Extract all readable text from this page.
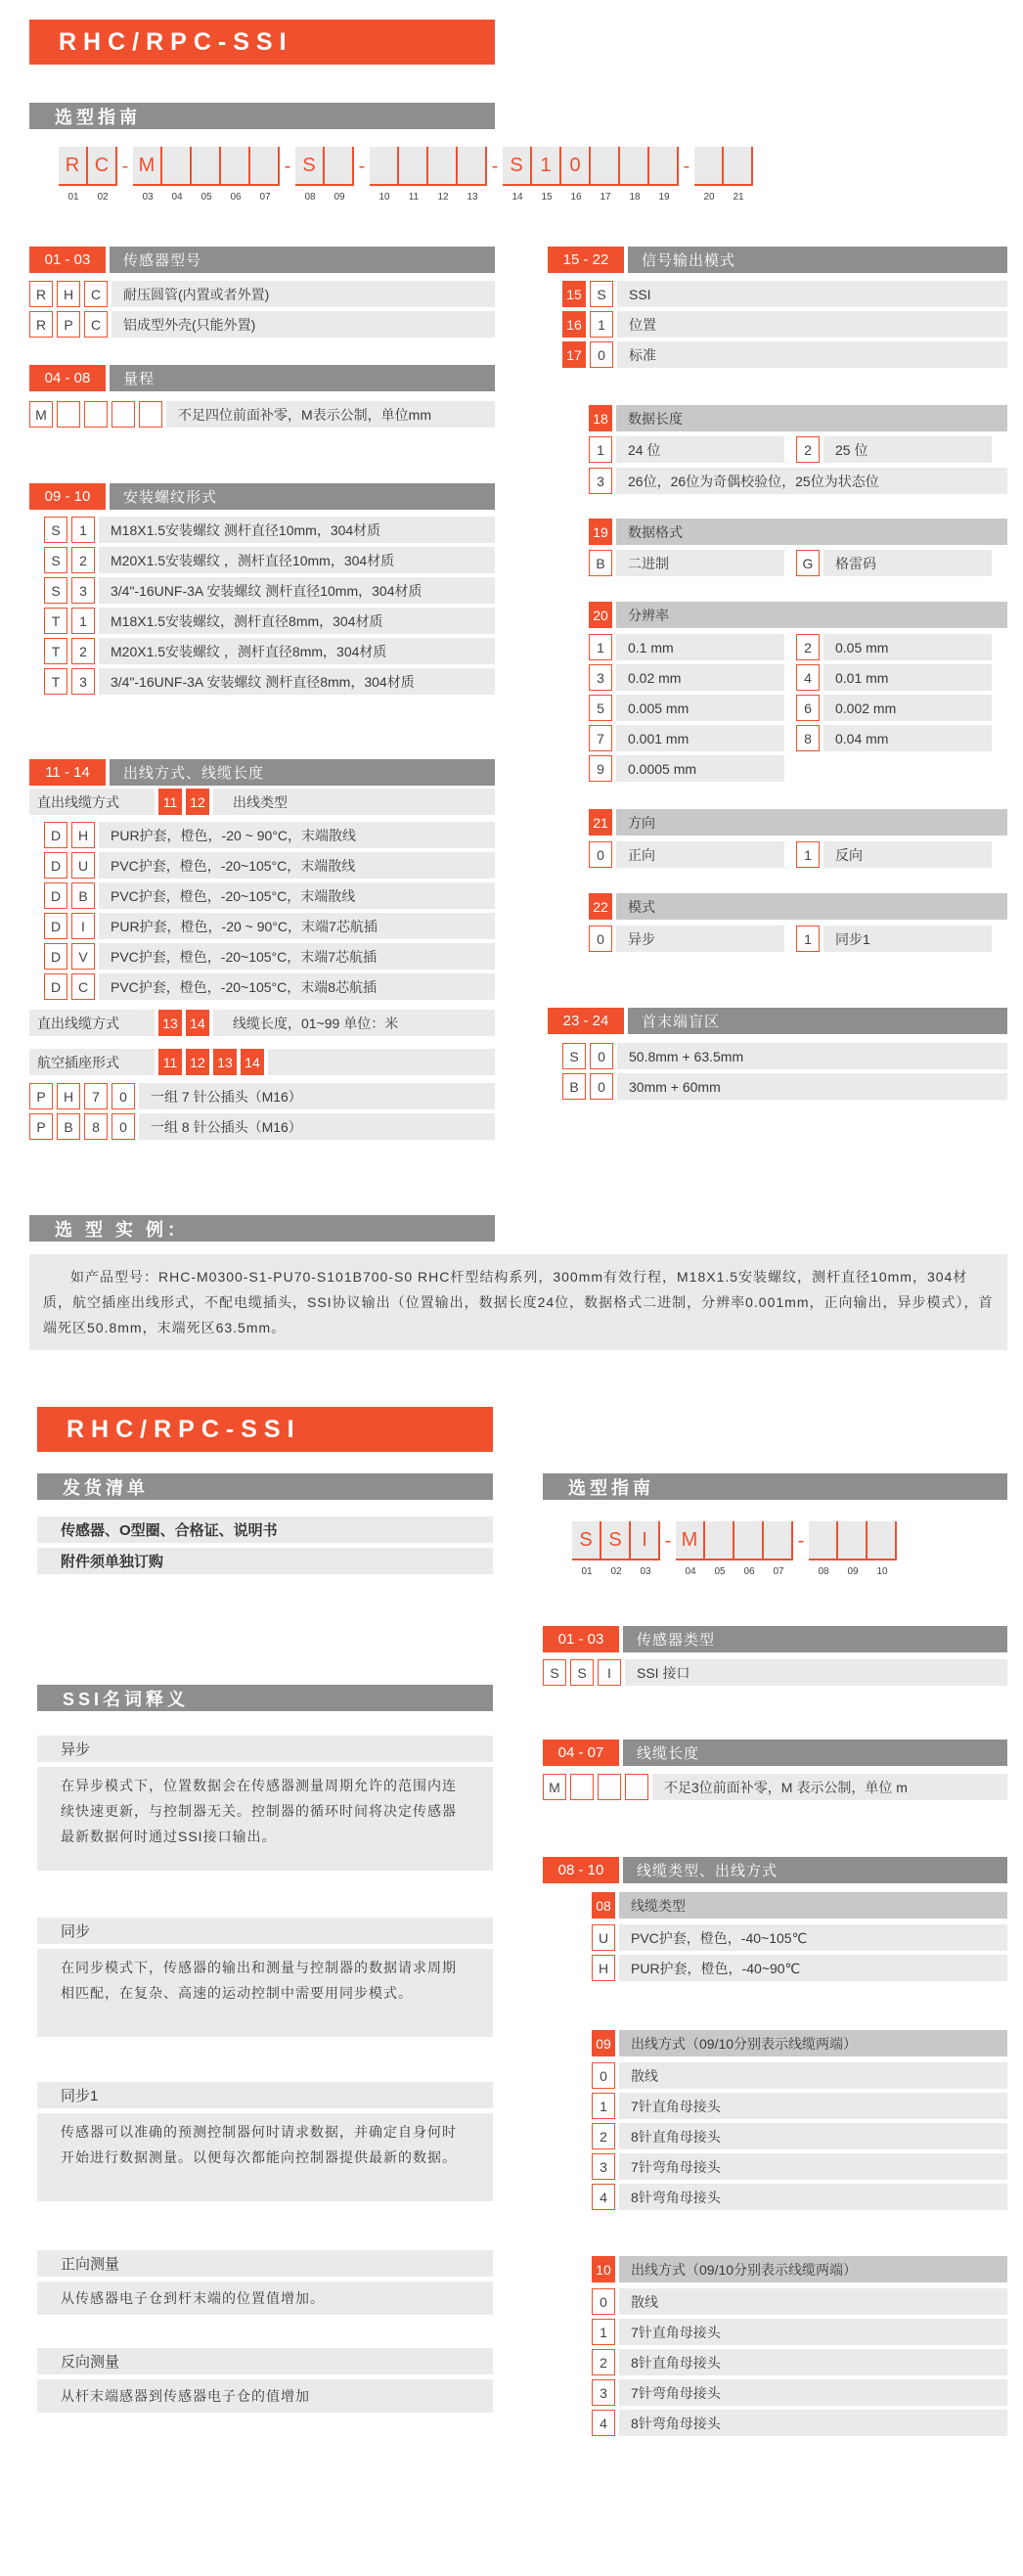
RHC/RPC-SSI
选型指南
R
01
C
02
- M
03 04 05 06 07
- S
08 09
-
10 11 12 13
- S
14
1
15
0
16 17 18 19
-
20 21
01 - 03	传感器型号
R	H	C	耐压圆管(内置或者外置)
R	P	C	铝成型外壳(只能外置)
04 - 08	量程
M	不足四位前面补零，M表示公制，单位mm
09 - 10	安装螺纹形式
S	1	M18X1.5安装螺纹 测杆直径10mm，304材质
S	2	M20X1.5安装螺纹 ，测杆直径10mm，304材质
S	3	3/4"-16UNF-3A 安装螺纹 测杆直径10mm，304材质
T	1	M18X1.5安装螺纹，测杆直径8mm，304材质
T	2	M20X1.5安装螺纹 ，测杆直径8mm，304材质
T	3	3/4"-16UNF-3A 安装螺纹 测杆直径8mm，304材质
11 - 14	出线方式、线缆长度
直出线缆方式	11 12	出线类型
D	H	PUR护套，橙色，-20 ~ 90°C，末端散线
D	U	PVC护套，橙色，-20~105°C，末端散线
D	B	PVC护套，橙色，-20~105°C，末端散线
D	I	PUR护套，橙色，-20 ~ 90°C，末端7芯航插
D	V	PVC护套，橙色，-20~105°C，末端7芯航插
D	C	PVC护套，橙色，-20~105°C，末端8芯航插
直出线缆方式	13 14	线缆长度，01~99 单位：米
航空插座形式	11 12 13 14
P	H	7	0	一组 7 针公插头（M16）
P	B	8	0	一组 8 针公插头（M16）
15 - 22	信号输出模式
15	S	SSI
16	1	位置
17	0	标准
18	数据长度
1	24 位	2	25 位
3	26位，26位为奇偶校验位，25位为状态位
19	数据格式
B	二进制	G	格雷码
20	分辨率
1	0.1 mm	2	0.05 mm
3	0.02 mm	4	0.01 mm
5	0.005 mm	6	0.002 mm
7	0.001 mm	8	0.04 mm
9	0.0005 mm
21	方向
0	正向	1	反向
22	模式
0	异步	1	同步1
23 - 24	首末端盲区
S	0	50.8mm + 63.5mm
B	0	30mm + 60mm
选 型 实 例：
如产品型号：RHC-M0300-S1-PU70-S101B700-S0 RHC杆型结构系列，300mm有效行程，M18X1.5安装螺纹，测杆直径10mm，304材质，航空插座出线形式，不配电缆插头，SSI协议输出（位置输出，数据长度24位，数据格式二进制，分辨率0.001mm，正向输出，异步模式），首端死区50.8mm，末端死区63.5mm。
RHC/RPC-SSI
发货清单
传感器、O型圈、合格证、说明书
附件须单独订购
SSI名词释义
异步
在异步模式下，位置数据会在传感器测量周期允许的范围内连续快速更新，与控制器无关。控制器的循环时间将决定传感器最新数据何时通过SSI接口输出。
同步
在同步模式下，传感器的输出和测量与控制器的数据请求周期相匹配，在复杂、高速的运动控制中需要用同步模式。
同步1
传感器可以准确的预测控制器何时请求数据，并确定自身何时开始进行数据测量。以便每次都能向控制器提供最新的数据。
正向测量
从传感器电子仓到杆末端的位置值增加。
反向测量
从杆末端感器到传感器电子仓的值增加
选型指南
S
01
S
02
I
03
- M
04 05 06 07
-
08 09 10
01 - 03	传感器类型
S	S	I	SSI 接口
04 - 07	线缆长度
M	不足3位前面补零，M 表示公制，单位 m
08 - 10	线缆类型、出线方式
08	线缆类型
U	PVC护套，橙色，-40~105℃
H	PUR护套，橙色，-40~90℃
09	出线方式（09/10分别表示线缆两端）
0	散线
1	7针直角母接头
2	8针直角母接头
3	7针弯角母接头
4	8针弯角母接头
10	出线方式（09/10分别表示线缆两端）
0	散线
1	7针直角母接头
2	8针直角母接头
3	7针弯角母接头
4	8针弯角母接头
